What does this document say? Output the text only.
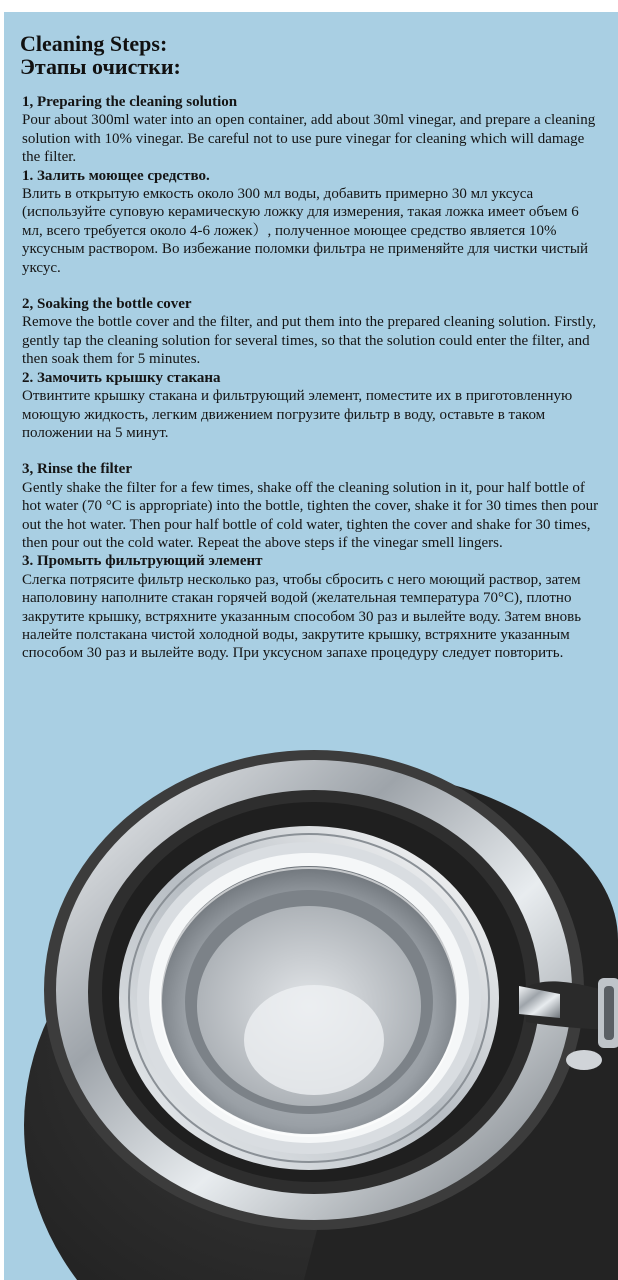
Cleaning Steps:
Этапы очистки:
1, Preparing the cleaning solution

Pour about 300ml water into an open container, add about 30ml vinegar, and prepare a cleaning solution with 10% vinegar. Be careful not to use pure vinegar for cleaning which will damage the filter.

1. Залить моющее средство.

Влить в открытую емкость около 300 мл воды, добавить примерно 30 мл уксуса (используйте суповую керамическую ложку для измерения, такая ложка имеет объем 6 мл, всего требуется около 4-6 ложек）, полученное моющее средство является 10% уксусным раствором. Во избежание поломки фильтра не применяйте для чистки чистый уксус.

2, Soaking the bottle cover

Remove the bottle cover and the filter, and put them into the prepared cleaning solution. Firstly, gently tap the cleaning solution for several times, so that the solution could enter the filter, and then soak them for 5 minutes.

2. Замочить крышку стакана

Отвинтите крышку стакана и фильтрующий элемент, поместите их в приготовленную моющую жидкость, легким движением погрузите фильтр в воду, оставьте в таком положении на 5 минут.

3, Rinse the filter

Gently shake the filter for a few times, shake off the cleaning solution in it, pour half bottle of hot water (70 °C is appropriate) into the bottle, tighten the cover, shake it for 30 times then pour out the hot water. Then pour half bottle of cold water, tighten the cover and shake for 30 times, then pour out the cold water. Repeat the above steps if the vinegar smell lingers.

3. Промыть фильтрующий элемент

Слегка потрясите фильтр несколько раз, чтобы сбросить с него моющий раствор, затем наполовину наполните стакан горячей водой (желательная температура 70°C), плотно закрутите крышку, встряхните указанным способом 30 раз и вылейте воду. Затем вновь налейте полстакана чистой холодной воды, закрутите крышку, встряхните указанным способом 30 раз и вылейте воду. При уксусном запахе процедуру следует повторить.
